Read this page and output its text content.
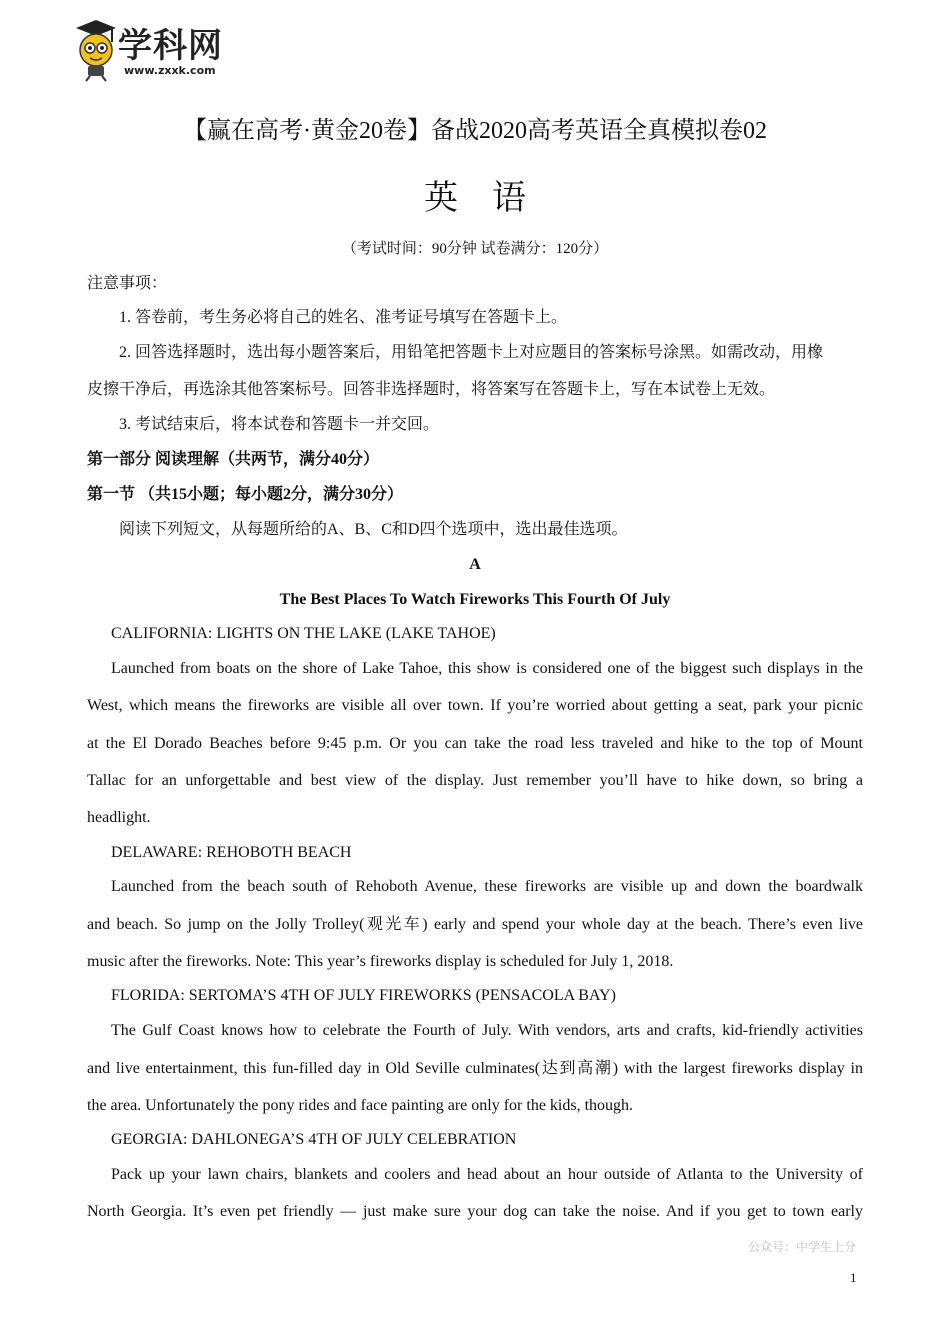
学科网
www.zxxk.com
【赢在高考·黄金20卷】备战2020高考英语全真模拟卷02
英语
（考试时间：90分钟 试卷满分：120分）
注意事项：
1. 答卷前，考生务必将自己的姓名、准考证号填写在答题卡上。
2. 回答选择题时，选出每小题答案后，用铅笔把答题卡上对应题目的答案标号涂黑。如需改动，用橡
皮擦干净后，再选涂其他答案标号。回答非选择题时，将答案写在答题卡上，写在本试卷上无效。
3. 考试结束后，将本试卷和答题卡一并交回。
第一部分 阅读理解（共两节，满分40分）
第一节 （共15小题；每小题2分，满分30分）
阅读下列短文，从每题所给的A、B、C和D四个选项中，选出最佳选项。
A
The Best Places To Watch Fireworks This Fourth Of July
CALIFORNIA: LIGHTS ON THE LAKE (LAKE TAHOE)
Launched from boats on the shore of Lake Tahoe, this show is considered one of the biggest such displays in the
West, which means the fireworks are visible all over town. If you’re worried about getting a seat, park your picnic
at the El Dorado Beaches before 9:45 p.m. Or you can take the road less traveled and hike to the top of Mount
Tallac for an unforgettable and best view of the display. Just remember you’ll have to hike down, so bring a
headlight.
DELAWARE: REHOBOTH BEACH
Launched from the beach south of Rehoboth Avenue, these fireworks are visible up and down the boardwalk
and beach. So jump on the Jolly Trolley(观光车) early and spend your whole day at the beach. There’s even live
music after the fireworks. Note: This year’s fireworks display is scheduled for July 1, 2018.
FLORIDA: SERTOMA’S 4TH OF JULY FIREWORKS (PENSACOLA BAY)
The Gulf Coast knows how to celebrate the Fourth of July. With vendors, arts and crafts, kid-friendly activities
and live entertainment, this fun-filled day in Old Seville culminates(达到高潮) with the largest fireworks display in
the area. Unfortunately the pony rides and face painting are only for the kids, though.
GEORGIA: DAHLONEGA’S 4TH OF JULY CELEBRATION
Pack up your lawn chairs, blankets and coolers and head about an hour outside of Atlanta to the University of
North Georgia. It’s even pet friendly — just make sure your dog can take the noise. And if you get to town early
公众号：中学生上分
1
